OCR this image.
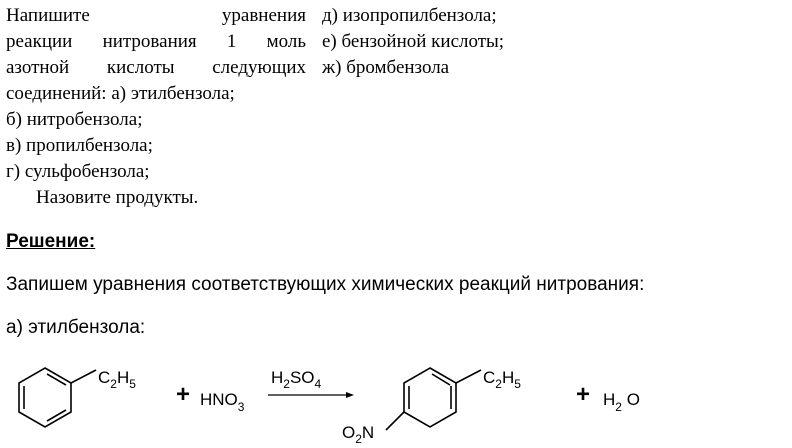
Напишите	уравнения
реакции нитрования 1 моль
азотной кислоты следующих
соединений: а) этилбензола;
б) нитробензола;
в) пропилбензола;
г) сульфобензола;
Назовите продукты.
д) изопропилбензола;
е) бензойной кислоты;
ж) бромбензола
Решение:
Запишем уравнения соответствующих химических реакций нитрования:
а) этилбензола:
$C_2H_5 + HNO_3$
$H_2SO_4$	$C_2H_5$
$O_2N$
+ $H_2$ O
